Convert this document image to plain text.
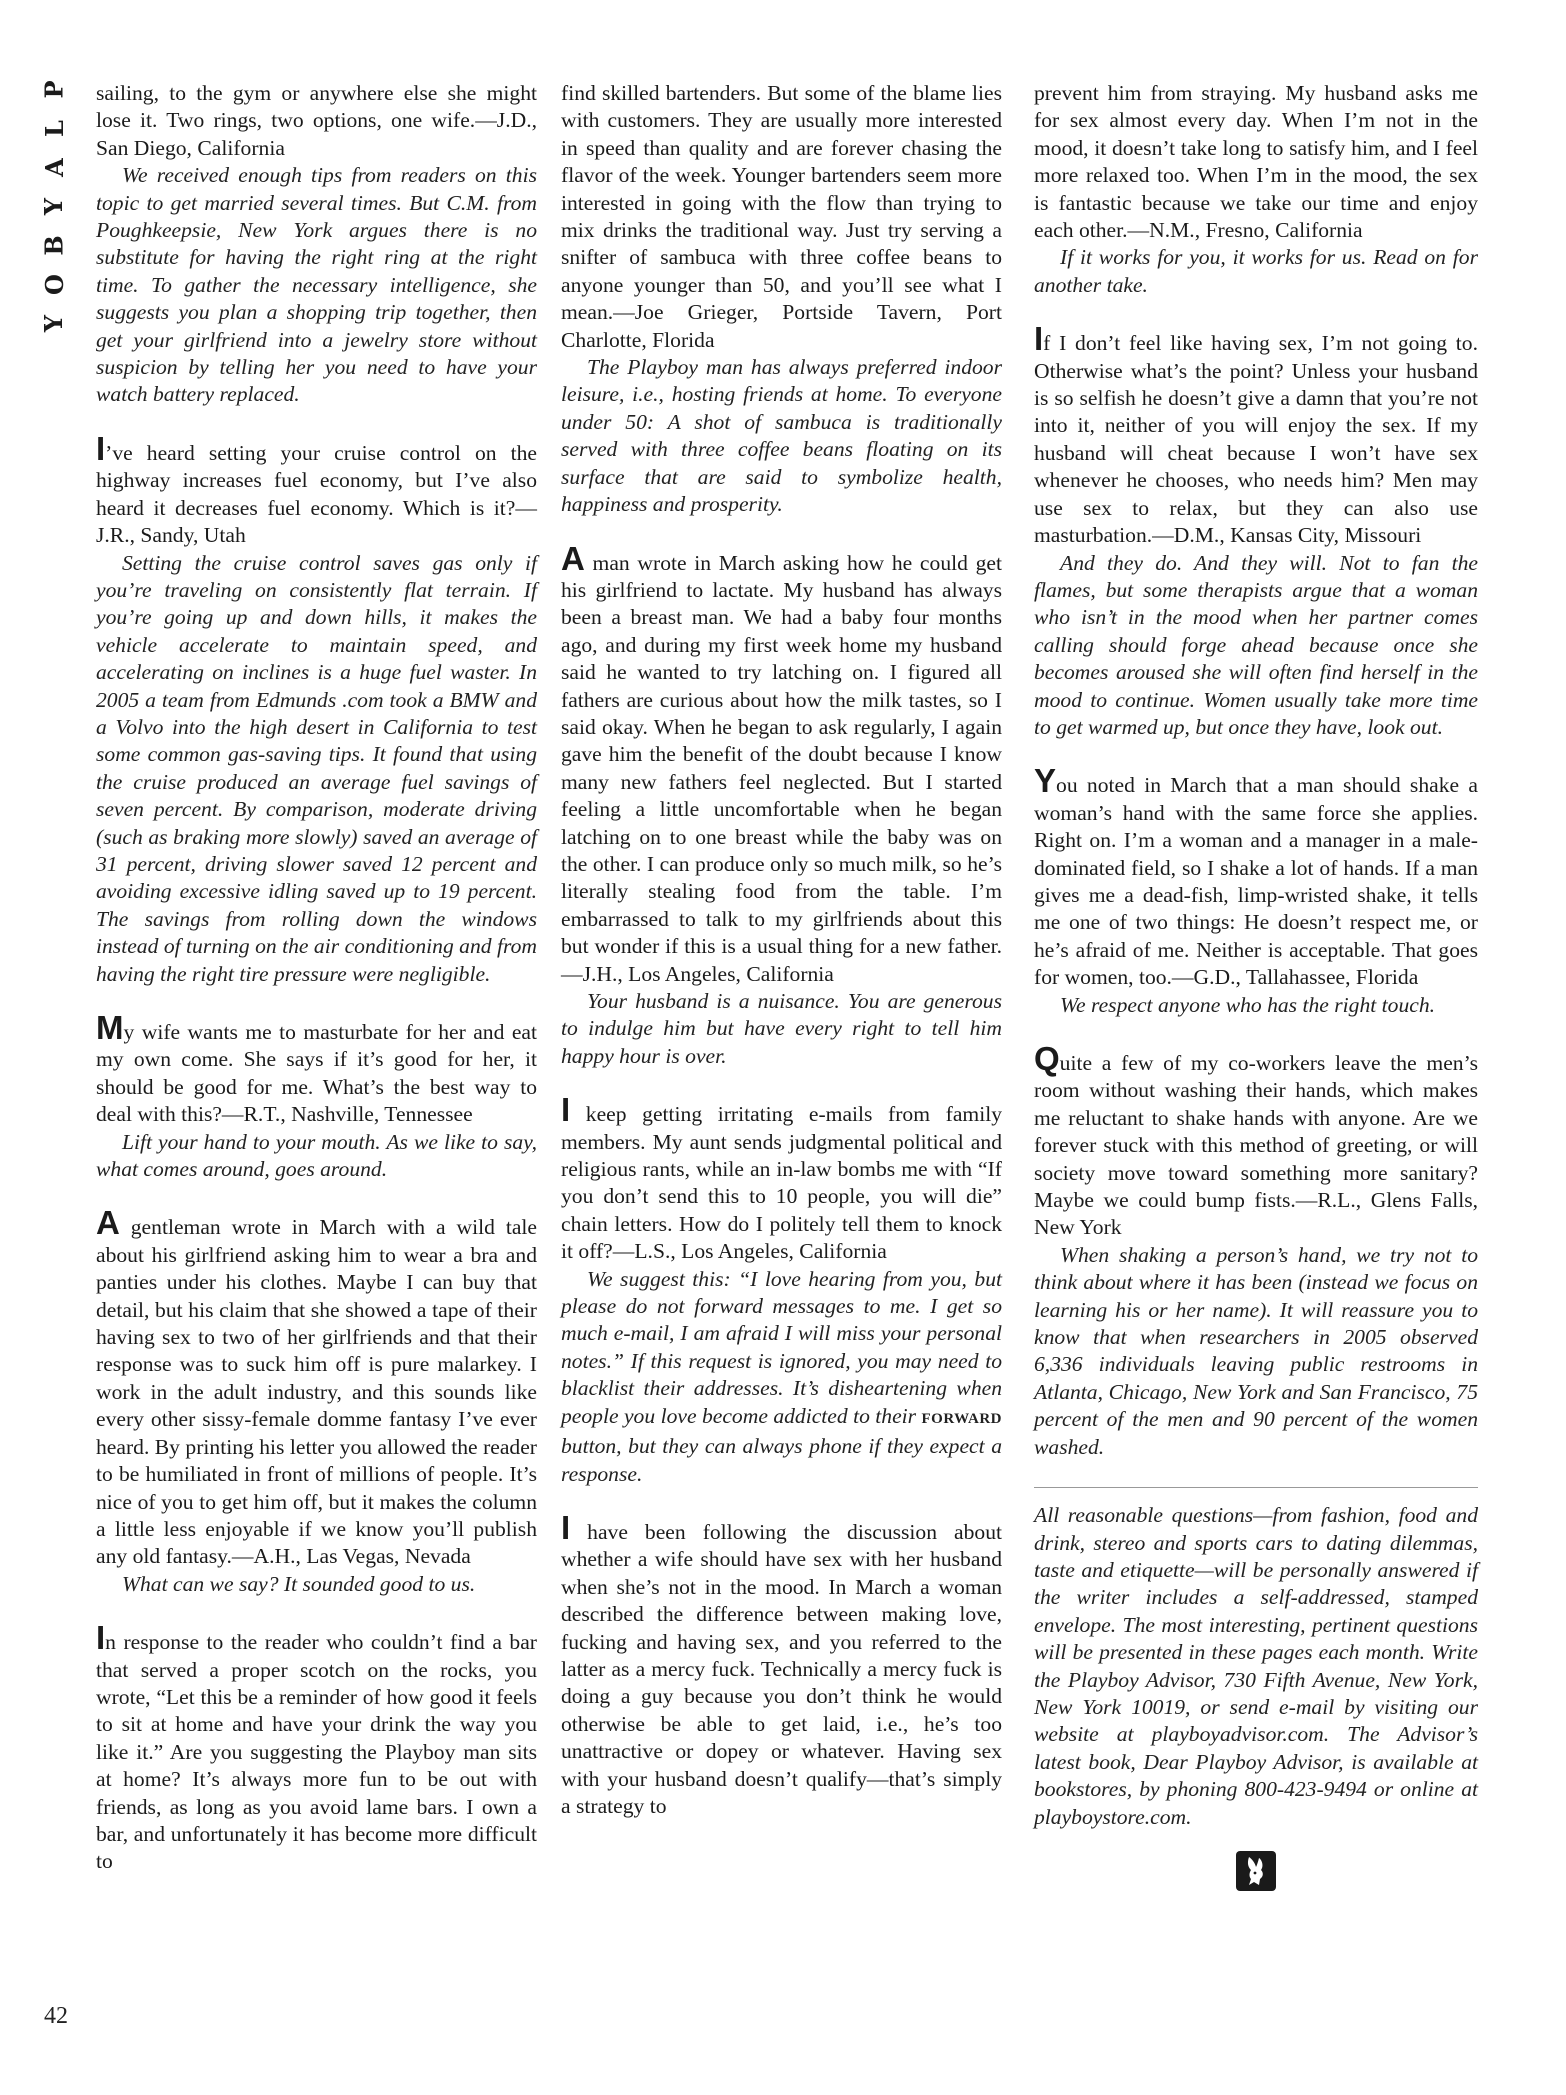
P
L
A
Y
B
O
Y

sailing, to the gym or anywhere else she might lose it. Two rings, two options, one wife.—J.D., San Diego, California

We received enough tips from readers on this topic to get married several times. But C.M. from Poughkeepsie, New York argues there is no substitute for having the right ring at the right time. To gather the necessary intelligence, she suggests you plan a shopping trip together, then get your girlfriend into a jewelry store without suspicion by telling her you need to have your watch battery replaced.

I’ve heard setting your cruise control on the highway increases fuel economy, but I’ve also heard it decreases fuel economy. Which is it?—J.R., Sandy, Utah

Setting the cruise control saves gas only if you’re traveling on consistently flat terrain. If you’re going up and down hills, it makes the vehicle accelerate to maintain speed, and accelerating on inclines is a huge fuel waster. In 2005 a team from Edmunds .com took a BMW and a Volvo into the high desert in California to test some common gas-saving tips. It found that using the cruise produced an average fuel savings of seven percent. By comparison, moderate driving (such as braking more slowly) saved an average of 31 percent, driving slower saved 12 percent and avoiding excessive idling saved up to 19 percent. The savings from rolling down the windows instead of turning on the air conditioning and from having the right tire pressure were negligible.

My wife wants me to masturbate for her and eat my own come. She says if it’s good for her, it should be good for me. What’s the best way to deal with this?—R.T., Nashville, Tennessee

Lift your hand to your mouth. As we like to say, what comes around, goes around.

A gentleman wrote in March with a wild tale about his girlfriend asking him to wear a bra and panties under his clothes. Maybe I can buy that detail, but his claim that she showed a tape of their having sex to two of her girlfriends and that their response was to suck him off is pure malarkey. I work in the adult industry, and this sounds like every other sissy-female domme fantasy I’ve ever heard. By printing his letter you allowed the reader to be humiliated in front of millions of people. It’s nice of you to get him off, but it makes the column a little less enjoyable if we know you’ll publish any old fantasy.—A.H., Las Vegas, Nevada

What can we say? It sounded good to us.

In response to the reader who couldn’t find a bar that served a proper scotch on the rocks, you wrote, “Let this be a reminder of how good it feels to sit at home and have your drink the way you like it.” Are you suggesting the Playboy man sits at home? It’s always more fun to be out with friends, as long as you avoid lame bars. I own a bar, and unfortunately it has become more difficult to

find skilled bartenders. But some of the blame lies with customers. They are usually more interested in speed than quality and are forever chasing the flavor of the week. Younger bartenders seem more interested in going with the flow than trying to mix drinks the traditional way. Just try serving a snifter of sambuca with three coffee beans to anyone younger than 50, and you’ll see what I mean.—Joe Grieger, Portside Tavern, Port Charlotte, Florida

The Playboy man has always preferred indoor leisure, i.e., hosting friends at home. To everyone under 50: A shot of sambuca is traditionally served with three coffee beans floating on its surface that are said to symbolize health, happiness and prosperity.

A man wrote in March asking how he could get his girlfriend to lactate. My husband has always been a breast man. We had a baby four months ago, and during my first week home my husband said he wanted to try latching on. I figured all fathers are curious about how the milk tastes, so I said okay. When he began to ask regularly, I again gave him the benefit of the doubt because I know many new fathers feel neglected. But I started feeling a little uncomfortable when he began latching on to one breast while the baby was on the other. I can produce only so much milk, so he’s literally stealing food from the table. I’m embarrassed to talk to my girlfriends about this but wonder if this is a usual thing for a new father.—J.H., Los Angeles, California

Your husband is a nuisance. You are generous to indulge him but have every right to tell him happy hour is over.

I keep getting irritating e-mails from family members. My aunt sends judgmental political and religious rants, while an in-law bombs me with “If you don’t send this to 10 people, you will die” chain letters. How do I politely tell them to knock it off?—L.S., Los Angeles, California

We suggest this: “I love hearing from you, but please do not forward messages to me. I get so much e-mail, I am afraid I will miss your personal notes.” If this request is ignored, you may need to blacklist their addresses. It’s disheartening when people you love become addicted to their FORWARD button, but they can always phone if they expect a response.

I have been following the discussion about whether a wife should have sex with her husband when she’s not in the mood. In March a woman described the difference between making love, fucking and having sex, and you referred to the latter as a mercy fuck. Technically a mercy fuck is doing a guy because you don’t think he would otherwise be able to get laid, i.e., he’s too unattractive or dopey or whatever. Having sex with your husband doesn’t qualify—that’s simply a strategy to

prevent him from straying. My husband asks me for sex almost every day. When I’m not in the mood, it doesn’t take long to satisfy him, and I feel more relaxed too. When I’m in the mood, the sex is fantastic because we take our time and enjoy each other.—N.M., Fresno, California

If it works for you, it works for us. Read on for another take.

If I don’t feel like having sex, I’m not going to. Otherwise what’s the point? Unless your husband is so selfish he doesn’t give a damn that you’re not into it, neither of you will enjoy the sex. If my husband will cheat because I won’t have sex whenever he chooses, who needs him? Men may use sex to relax, but they can also use masturbation.—D.M., Kansas City, Missouri

And they do. And they will. Not to fan the flames, but some therapists argue that a woman who isn’t in the mood when her partner comes calling should forge ahead because once she becomes aroused she will often find herself in the mood to continue. Women usually take more time to get warmed up, but once they have, look out.

You noted in March that a man should shake a woman’s hand with the same force she applies. Right on. I’m a woman and a manager in a male-dominated field, so I shake a lot of hands. If a man gives me a dead-fish, limp-wristed shake, it tells me one of two things: He doesn’t respect me, or he’s afraid of me. Neither is acceptable. That goes for women, too.—G.D., Tallahassee, Florida

We respect anyone who has the right touch.

Quite a few of my co-workers leave the men’s room without washing their hands, which makes me reluctant to shake hands with anyone. Are we forever stuck with this method of greeting, or will society move toward something more sanitary? Maybe we could bump fists.—R.L., Glens Falls, New York

When shaking a person’s hand, we try not to think about where it has been (instead we focus on learning his or her name). It will reassure you to know that when researchers in 2005 observed 6,336 individuals leaving public restrooms in Atlanta, Chicago, New York and San Francisco, 75 percent of the men and 90 percent of the women washed.

All reasonable questions—from fashion, food and drink, stereo and sports cars to dating dilemmas, taste and etiquette—will be personally answered if the writer includes a self-addressed, stamped envelope. The most interesting, pertinent questions will be presented in these pages each month. Write the Playboy Advisor, 730 Fifth Avenue, New York, New York 10019, or send e-mail by visiting our website at playboyadvisor.com. The Advisor’s latest book, Dear Playboy Advisor, is available at bookstores, by phoning 800-423-9494 or online at playboystore.com.

42
